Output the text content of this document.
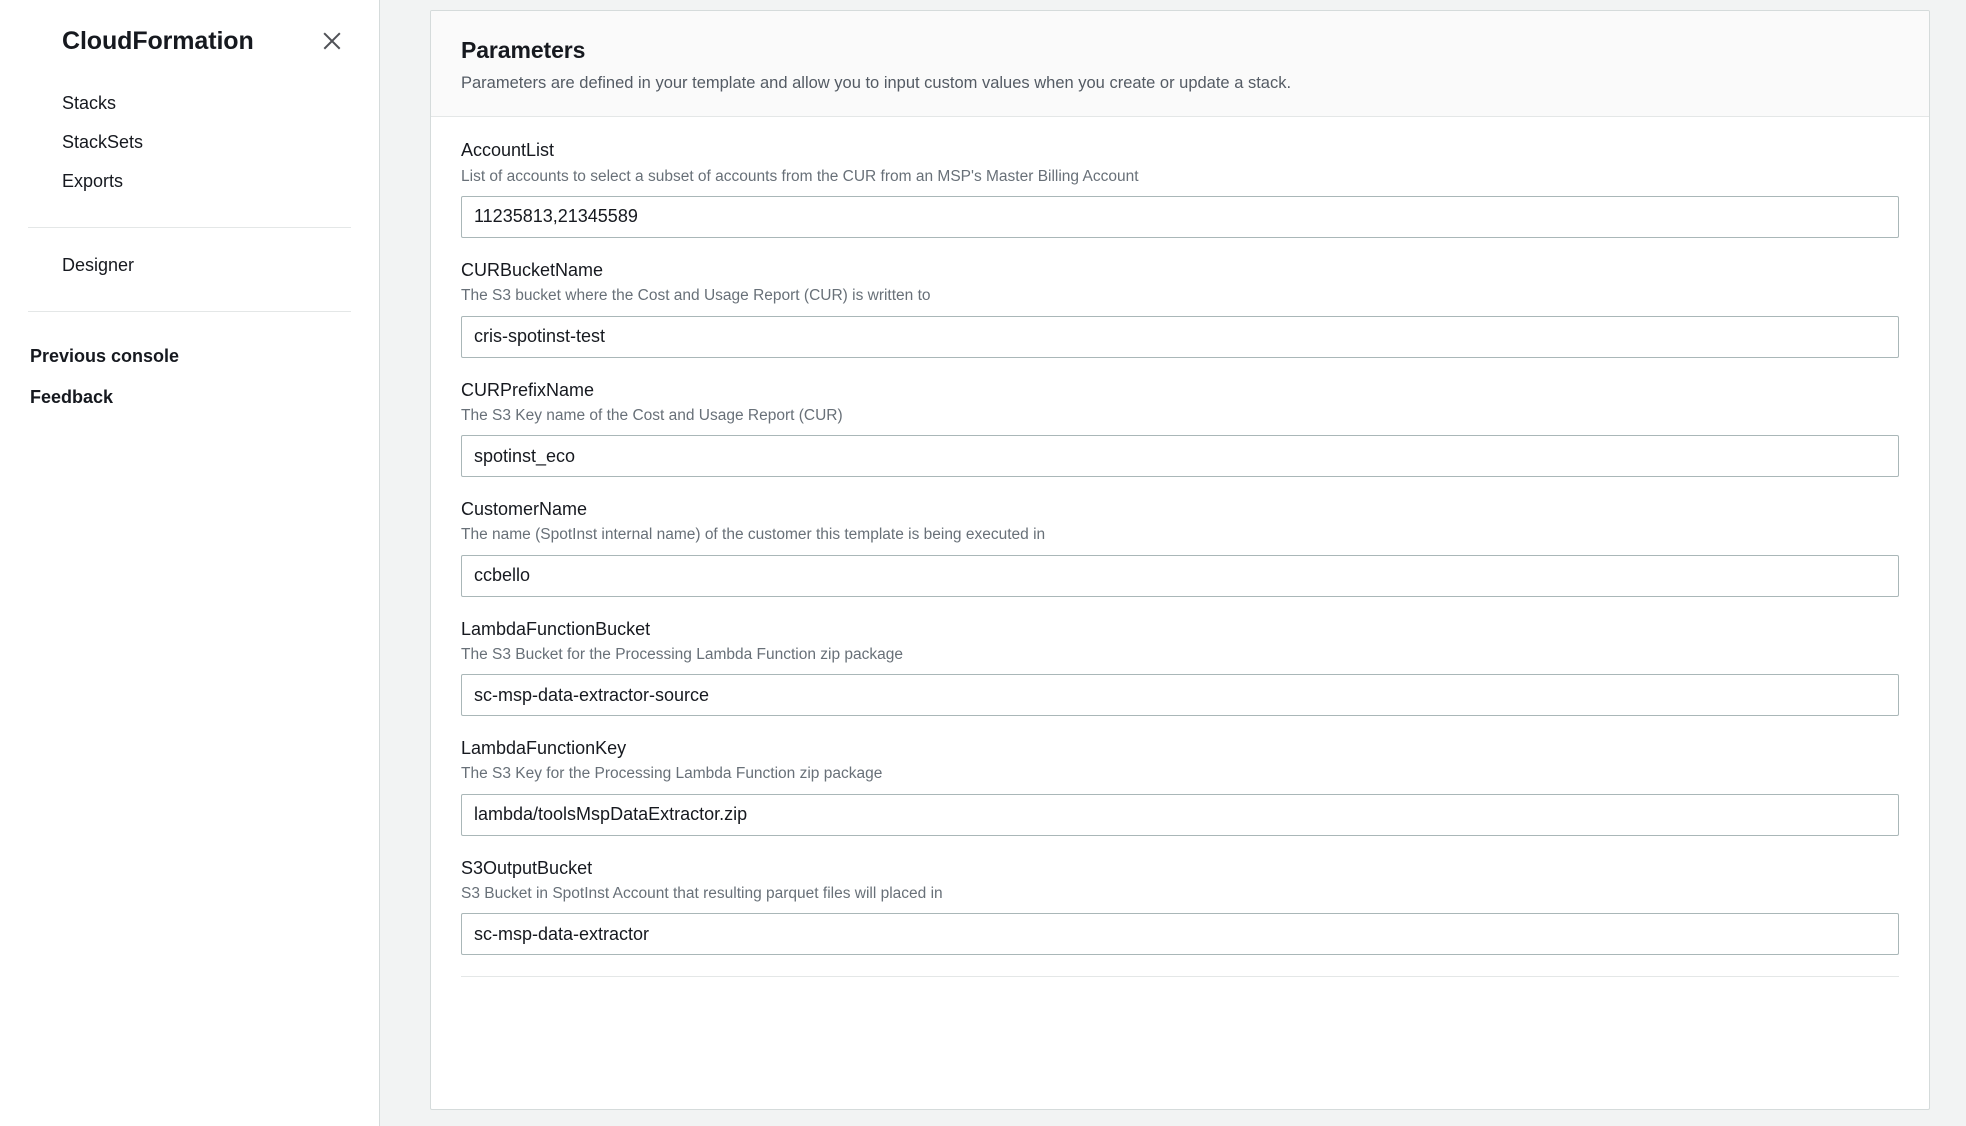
CloudFormation
Stacks
StackSets
Exports
Designer
Previous console
Feedback
Parameters
Parameters are defined in your template and allow you to input custom values when you create or update a stack.
AccountList
List of accounts to select a subset of accounts from the CUR from an MSP's Master Billing Account
11235813,21345589
CURBucketName
The S3 bucket where the Cost and Usage Report (CUR) is written to
cris-spotinst-test
CURPrefixName
The S3 Key name of the Cost and Usage Report (CUR)
spotinst_eco
CustomerName
The name (SpotInst internal name) of the customer this template is being executed in
ccbello
LambdaFunctionBucket
The S3 Bucket for the Processing Lambda Function zip package
sc-msp-data-extractor-source
LambdaFunctionKey
The S3 Key for the Processing Lambda Function zip package
lambda/toolsMspDataExtractor.zip
S3OutputBucket
S3 Bucket in SpotInst Account that resulting parquet files will placed in
sc-msp-data-extractor
